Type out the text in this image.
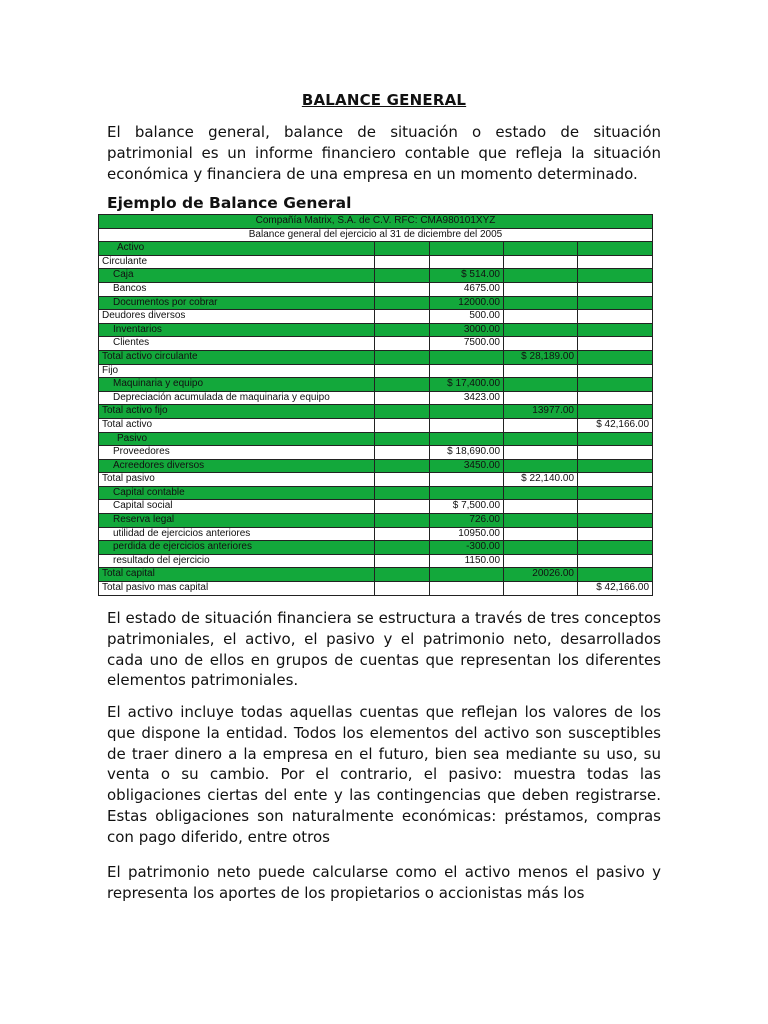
BALANCE GENERAL
El balance general, balance de situación o estado de situación patrimonial es un informe financiero contable que refleja la situación económica y financiera de una empresa en un momento determinado.
Ejemplo de Balance General
Compañía Matrix, S.A. de C.V. RFC: CMA980101XYZ				
Balance general del ejercicio al 31 de diciembre del 2005				
Activo				
Circulante				
Caja		$ 514.00		
Bancos		4675.00		
Documentos por cobrar		12000.00		
Deudores diversos		500.00		
Inventarios		3000.00		
Clientes		7500.00		
Total activo circulante			$ 28,189.00	
Fijo				
Maquinaria y equipo		$ 17,400.00		
Depreciación acumulada de maquinaria y equipo		3423.00		
Total activo fijo			13977.00	
Total activo				$ 42,166.00
Pasivo				
Proveedores		$ 18,690.00		
Acreedores diversos		3450.00		
Total pasivo			$ 22,140.00	
Capital contable				
Capital social		$ 7,500.00		
Reserva legal		726.00		
utilidad de ejercicios anteriores		10950.00		
perdida de ejercicios anteriores		-300.00		
resultado del ejercicio		1150.00		
Total capital			20026.00	
Total pasivo mas capital				$ 42,166.00
El estado de situación financiera se estructura a través de tres conceptos patrimoniales, el activo, el pasivo y el patrimonio neto, desarrollados cada uno de ellos en grupos de cuentas que representan los diferentes elementos patrimoniales.
El activo incluye todas aquellas cuentas que reflejan los valores de los que dispone la entidad. Todos los elementos del activo son susceptibles de traer dinero a la empresa en el futuro, bien sea mediante su uso, su venta o su cambio. Por el contrario, el pasivo: muestra todas las obligaciones ciertas del ente y las contingencias que deben registrarse. Estas obligaciones son naturalmente económicas: préstamos, compras con pago diferido, entre otros
El patrimonio neto puede calcularse como el activo menos el pasivo y representa los aportes de los propietarios o accionistas más los
